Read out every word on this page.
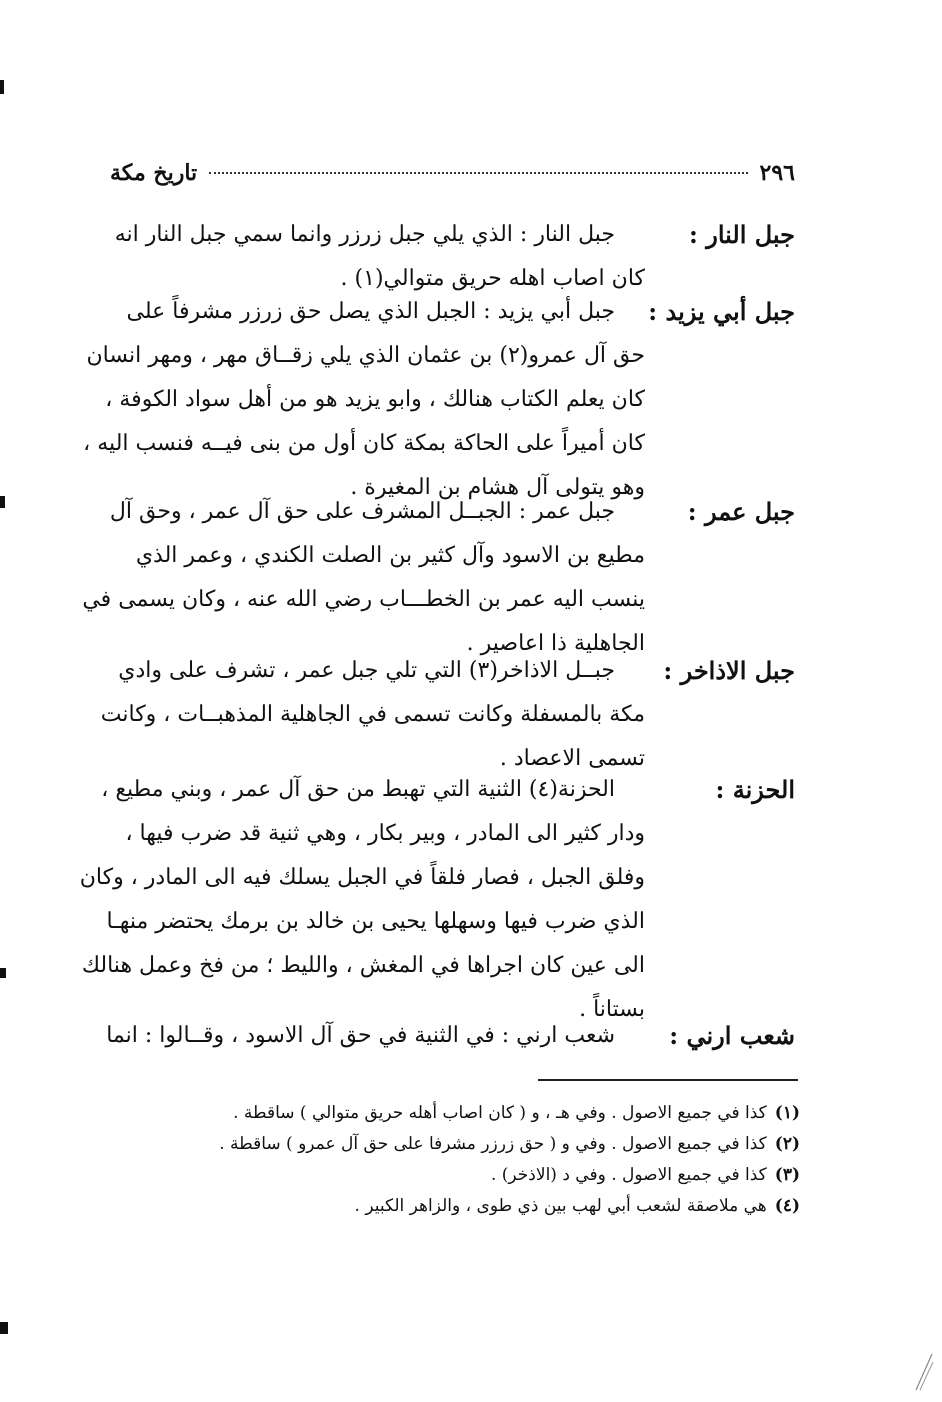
٢٩٦
تاريخ مكة
جبل النار :
جبل النار : الذي يلي جبل زرزر وانما سمي جبل النار انه
كان اصاب اهله حريق متوالي(١) .
جبل أبي يزيد :
جبل أبي يزيد : الجبل الذي يصل حق زرزر مشرفاً على
حق آل عمرو(٢) بن عثمان الذي يلي زقــاق مهر ، ومهر انسان
كان يعلم الكتاب هنالك ، وابو يزيد هو من أهل سواد الكوفة ،
كان أميراً على الحاكة بمكة كان أول من بنى فيــه فنسب اليه ،
وهو يتولى آل هشام بن المغيرة .
جبل عمر :
جبل عمر : الجبــل المشرف على حق آل عمر ، وحق آل
مطيع بن الاسود وآل كثير بن الصلت الكندي ، وعمر الذي
ينسب اليه عمر بن الخطـــاب رضي الله عنه ، وكان يسمى في
الجاهلية ذا اعاصير .
جبل الاذاخر :
جبــل الاذاخر(٣) التي تلي جبل عمر ، تشرف على وادي
مكة بالمسفلة وكانت تسمى في الجاهلية المذهبــات ، وكانت
تسمى الاعصاد .
الحزنة :
الحزنة(٤) الثنية التي تهبط من حق آل عمر ، وبني مطيع ،
ودار كثير الى المادر ، وبير بكار ، وهي ثنية قد ضرب فيها ،
وفلق الجبل ، فصار فلقاً في الجبل يسلك فيه الى المادر ، وكان
الذي ضرب فيها وسهلها يحيى بن خالد بن برمك يحتضر منهـا
الى عين كان اجراها في المغش ، والليط ؛ من فخ وعمل هنالك
بستاناً .
شعب ارني :
شعب ارني : في الثنية في حق آل الاسود ، وقــالوا : انما
(١)كذا في جميع الاصول . وفي هـ ، و ( كان اصاب أهله حريق متوالي ) ساقطة .
(٢)كذا في جميع الاصول . وفي و ( حق زرزر مشرفا على حق آل عمرو ) ساقطة .
(٣)كذا في جميع الاصول . وفي د (الاذخر) .
(٤)هي ملاصقة لشعب أبي لهب بين ذي طوى ، والزاهر الكبير .
